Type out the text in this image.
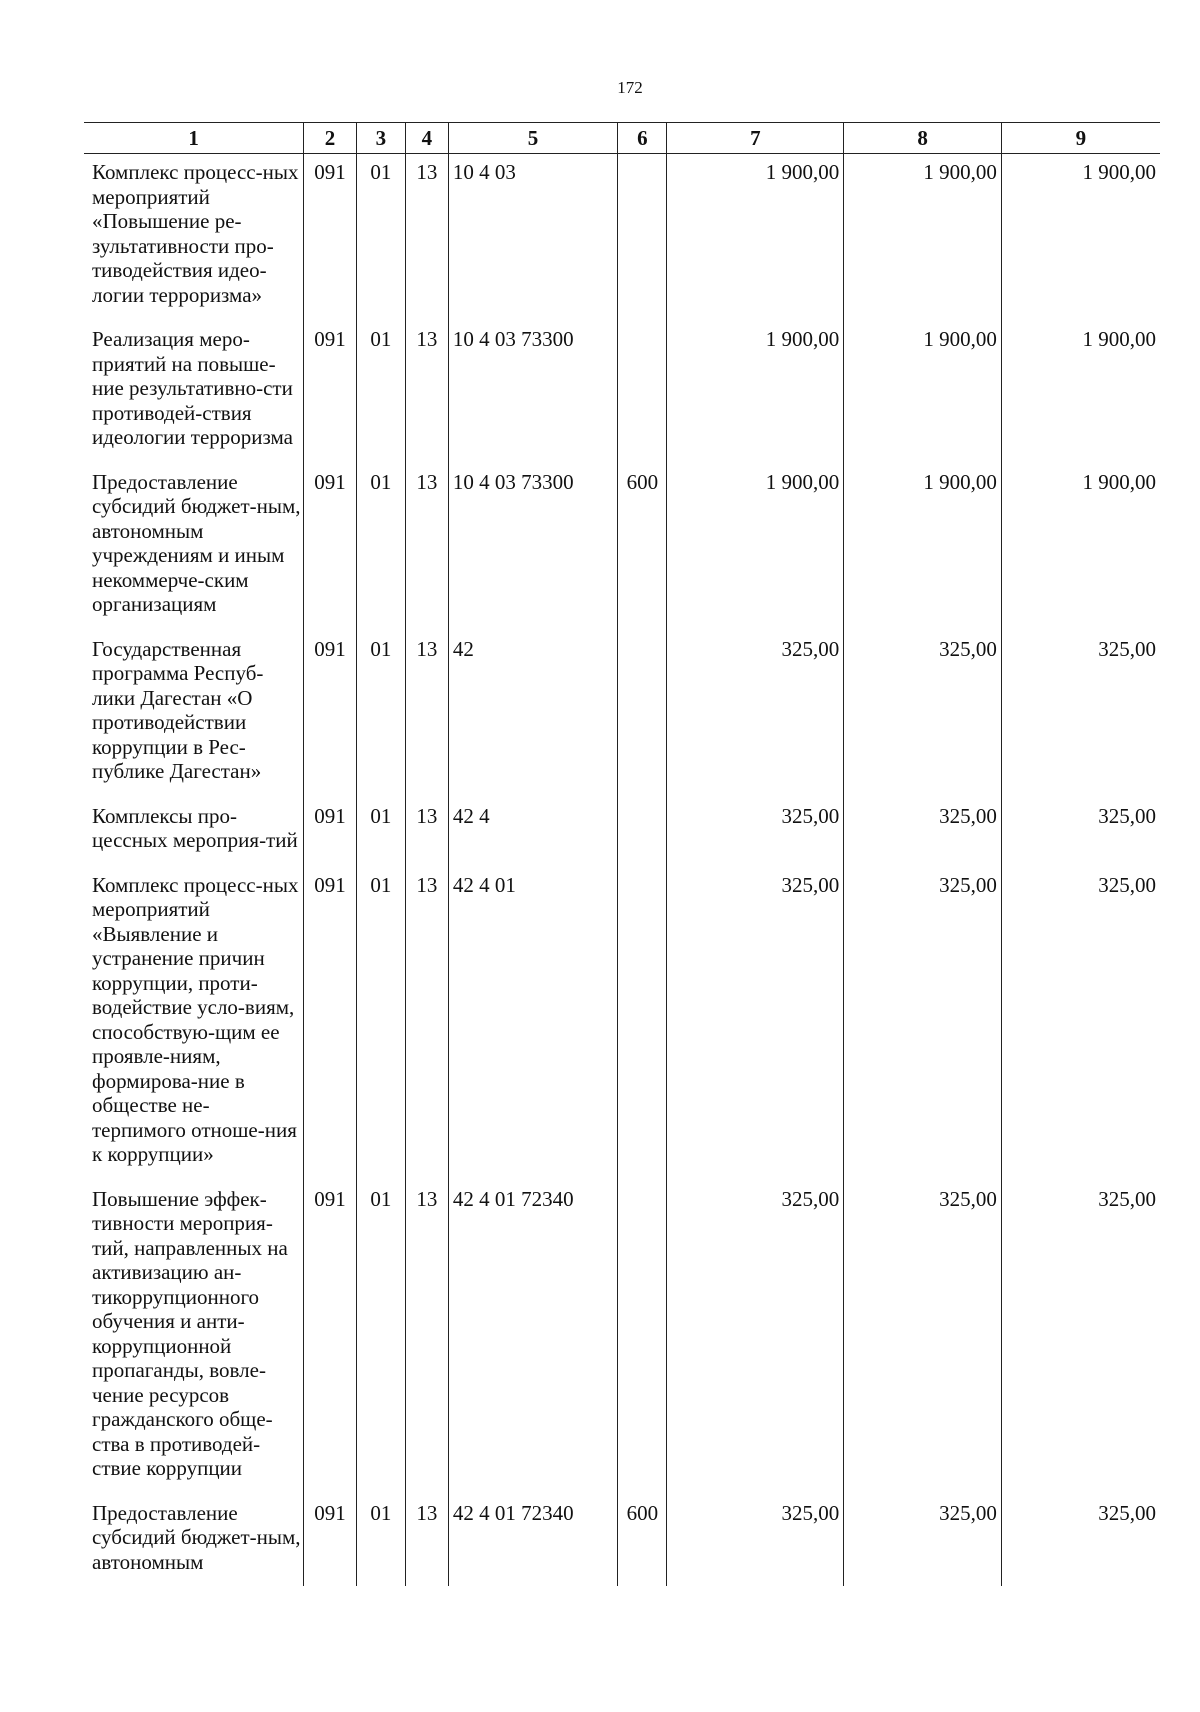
172
1	2	3	4	5	6	7	8	9
Комплекс процесс-ных мероприятий «Повышение ре-зультативности про-тиводействия идео-логии терроризма»	091	01	13	10 4 03		1 900,00	1 900,00	1 900,00
Реализация меро-приятий на повыше-ние результативно-сти противодей-ствия идеологии терроризма	091	01	13	10 4 03 73300		1 900,00	1 900,00	1 900,00
Предоставление субсидий бюджет-ным, автономным учреждениям и иным некоммерче-ским организациям	091	01	13	10 4 03 73300	600	1 900,00	1 900,00	1 900,00
Государственная программа Респуб-лики Дагестан «О противодействии коррупции в Рес-публике Дагестан»	091	01	13	42		325,00	325,00	325,00
Комплексы про-цессных мероприя-тий	091	01	13	42 4		325,00	325,00	325,00
Комплекс процесс-ных мероприятий «Выявление и устранение причин коррупции, проти-водействие усло-виям, способствую-щим ее проявле-ниям, формирова-ние в обществе не-терпимого отноше-ния к коррупции»	091	01	13	42 4 01		325,00	325,00	325,00
Повышение эффек-тивности мероприя-тий, направленных на активизацию ан-тикоррупционного обучения и анти-коррупционной пропаганды, вовле-чение ресурсов гражданского обще-ства в противодей-ствие коррупции	091	01	13	42 4 01 72340		325,00	325,00	325,00
Предоставление субсидий бюджет-ным, автономным	091	01	13	42 4 01 72340	600	325,00	325,00	325,00
